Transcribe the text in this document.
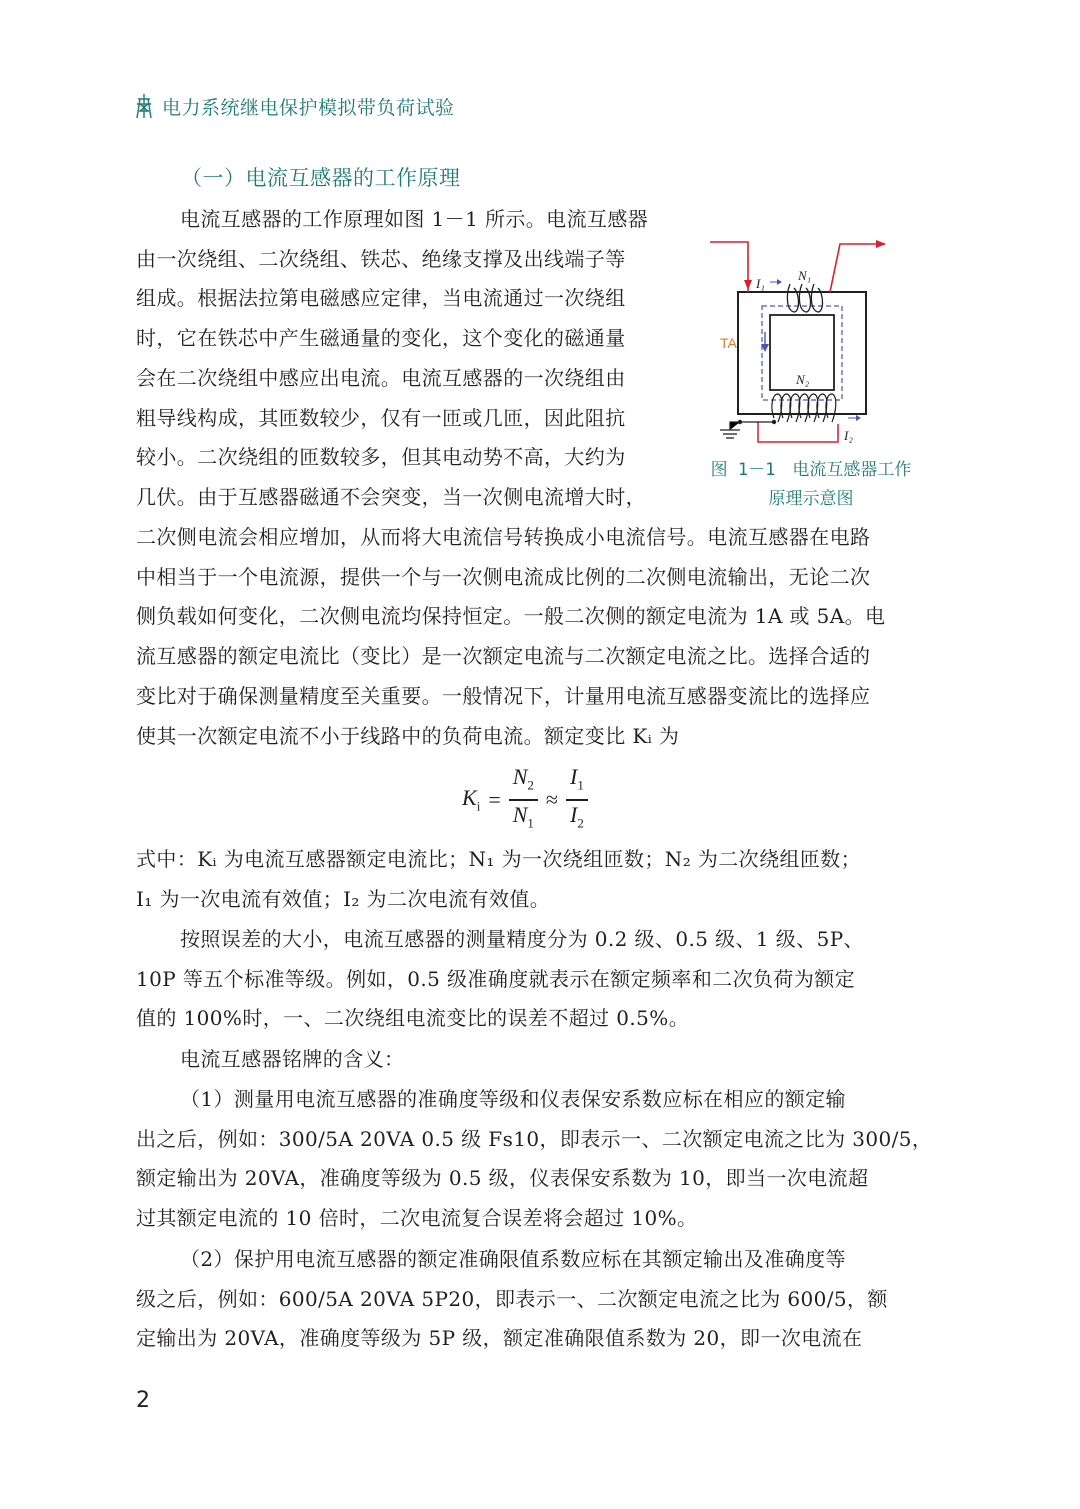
电力系统继电保护模拟带负荷试验
（一）电流互感器的工作原理
电流互感器的工作原理如图 1－1 所示。电流互感器
由一次绕组、二次绕组、铁芯、绝缘支撑及出线端子等
组成。根据法拉第电磁感应定律，当电流通过一次绕组
时，它在铁芯中产生磁通量的变化，这个变化的磁通量
会在二次绕组中感应出电流。电流互感器的一次绕组由
粗导线构成，其匝数较少，仅有一匝或几匝，因此阻抗
较小。二次绕组的匝数较多，但其电动势不高，大约为
几伏。由于互感器磁通不会突变，当一次侧电流增大时，
I₁
N₁
TA
N₂
I₂
图 1－1　电流互感器工作
原理示意图
二次侧电流会相应增加，从而将大电流信号转换成小电流信号。电流互感器在电路
中相当于一个电流源，提供一个与一次侧电流成比例的二次侧电流输出，无论二次
侧负载如何变化，二次侧电流均保持恒定。一般二次侧的额定电流为 1A 或 5A。电
流互感器的额定电流比（变比）是一次额定电流与二次额定电流之比。选择合适的
变比对于确保测量精度至关重要。一般情况下，计量用电流互感器变流比的选择应
使其一次额定电流不小于线路中的负荷电流。额定变比 Kᵢ 为
$K_i = \frac{N_2}{N_1} \approx \frac{I_1}{I_2}$
式中：Kᵢ 为电流互感器额定电流比；N₁ 为一次绕组匝数；N₂ 为二次绕组匝数；
I₁ 为一次电流有效值；I₂ 为二次电流有效值。
按照误差的大小，电流互感器的测量精度分为 0.2 级、0.5 级、1 级、5P、
10P 等五个标准等级。例如，0.5 级准确度就表示在额定频率和二次负荷为额定
值的 100%时，一、二次绕组电流变比的误差不超过 0.5%。
电流互感器铭牌的含义：
（1）测量用电流互感器的准确度等级和仪表保安系数应标在相应的额定输
出之后，例如：300/5A 20VA 0.5 级 Fs10，即表示一、二次额定电流之比为 300/5，
额定输出为 20VA，准确度等级为 0.5 级，仪表保安系数为 10，即当一次电流超
过其额定电流的 10 倍时，二次电流复合误差将会超过 10%。
（2）保护用电流互感器的额定准确限值系数应标在其额定输出及准确度等
级之后，例如：600/5A 20VA 5P20，即表示一、二次额定电流之比为 600/5，额
定输出为 20VA，准确度等级为 5P 级，额定准确限值系数为 20，即一次电流在
2
